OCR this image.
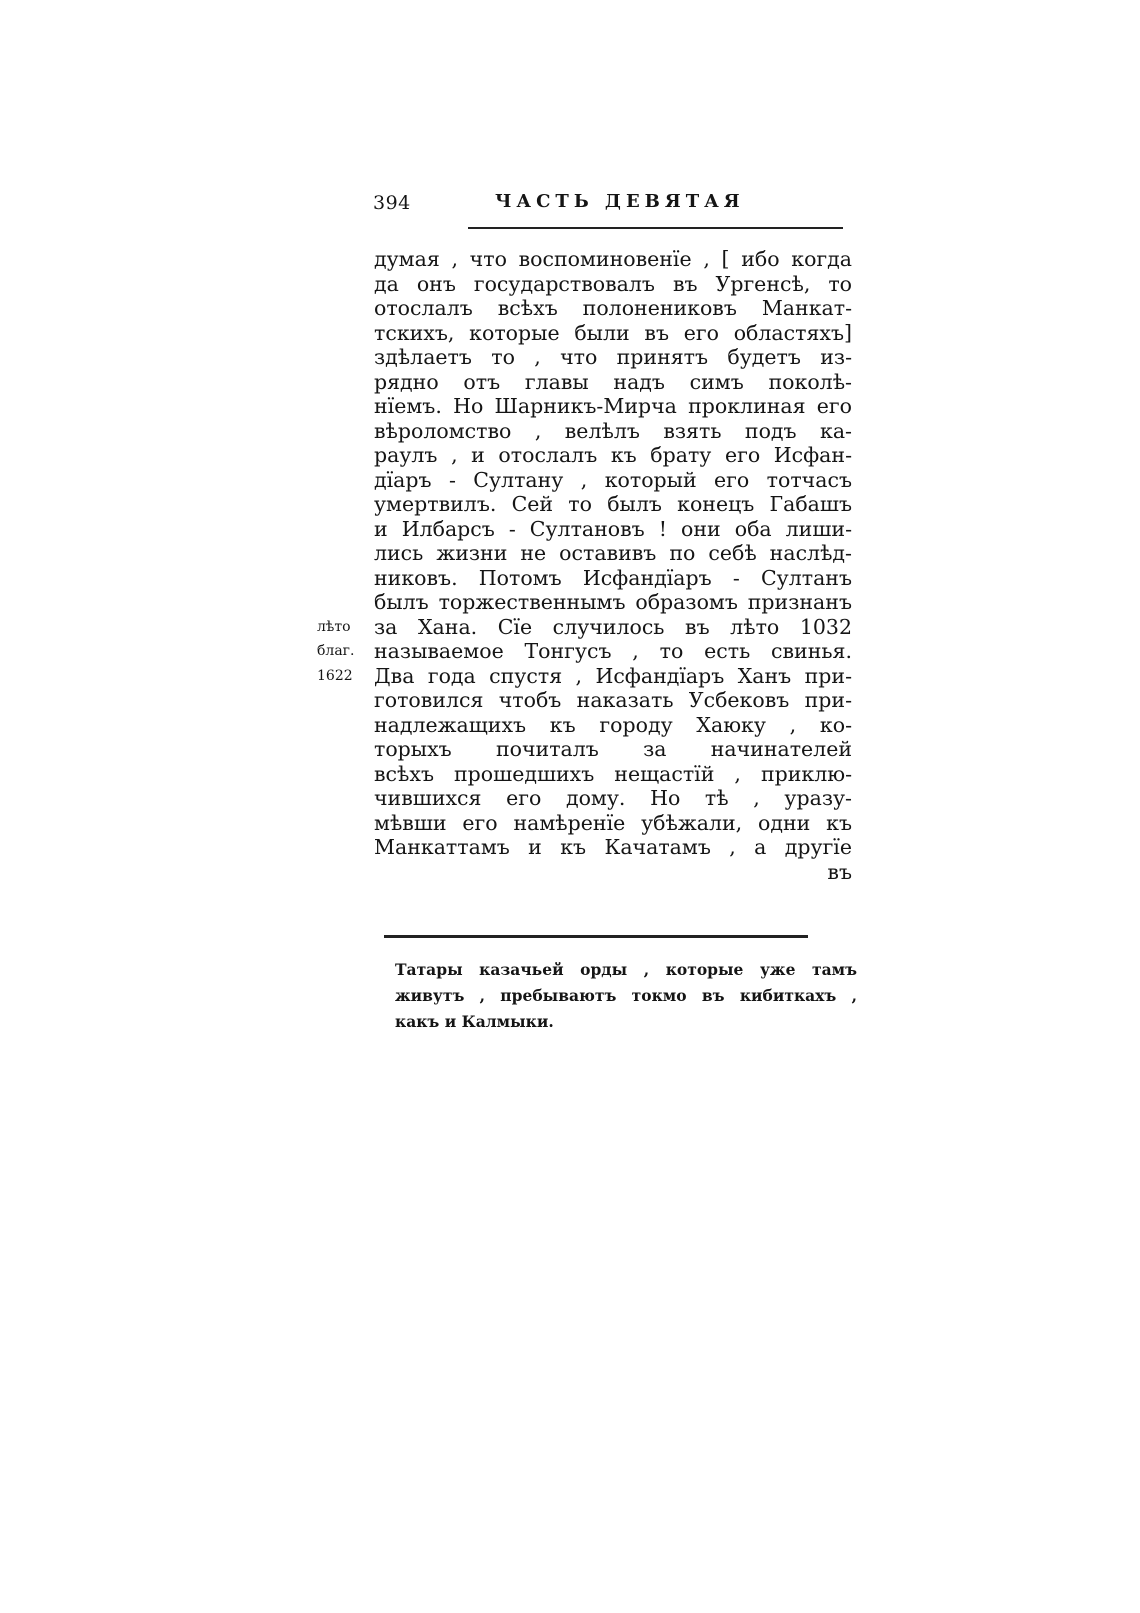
394	ЧАСТЬ ДЕВЯТАЯ
думая , что воспоминовенїе , [ ибо когда
да онъ государствовалъ въ Ургенсѣ, то
отослалъ всѣхъ полонениковъ Манкат-
тскихъ, которые были въ его областяхъ]
здѣлаетъ то , что принятъ будетъ из-
рядно отъ главы надъ симъ поколѣ-
нїемъ. Но Шарникъ-Мирча проклиная его
вѣроломство , велѣлъ взять подъ ка-
раулъ , и отослалъ къ брату его Исфан-
дїаръ - Султану , который его тотчасъ
умертвилъ. Сей то былъ конецъ Габашъ
и Илбарсъ - Султановъ ! они оба лиши-
лись жизни не оставивъ по себѣ наслѣд-
никовъ. Потомъ Исфандїаръ - Султанъ
былъ торжественнымъ образомъ признанъ
лѣто за Хана. Сїе случилось въ лѣто 1032
благ. называемое Тонгусъ , то есть свинья.
1622 Два года спустя , Исфандїаръ Ханъ при-
готовился чтобъ наказать Усбековъ при-
надлежащихъ къ городу Хаюку , ко-
торыхъ почиталъ за начинателей
всѣхъ прошедшихъ нещастїй , приклю-
чившихся его дому. Но тѣ , уразу-
мѣвши его намѣренїе убѣжали, одни къ
Манкаттамъ и къ Качатамъ , а другїе
въ
Татары казачьей орды , которые уже тамъ
живутъ , пребываютъ токмо въ кибиткахъ ,
какъ и Калмыки.
